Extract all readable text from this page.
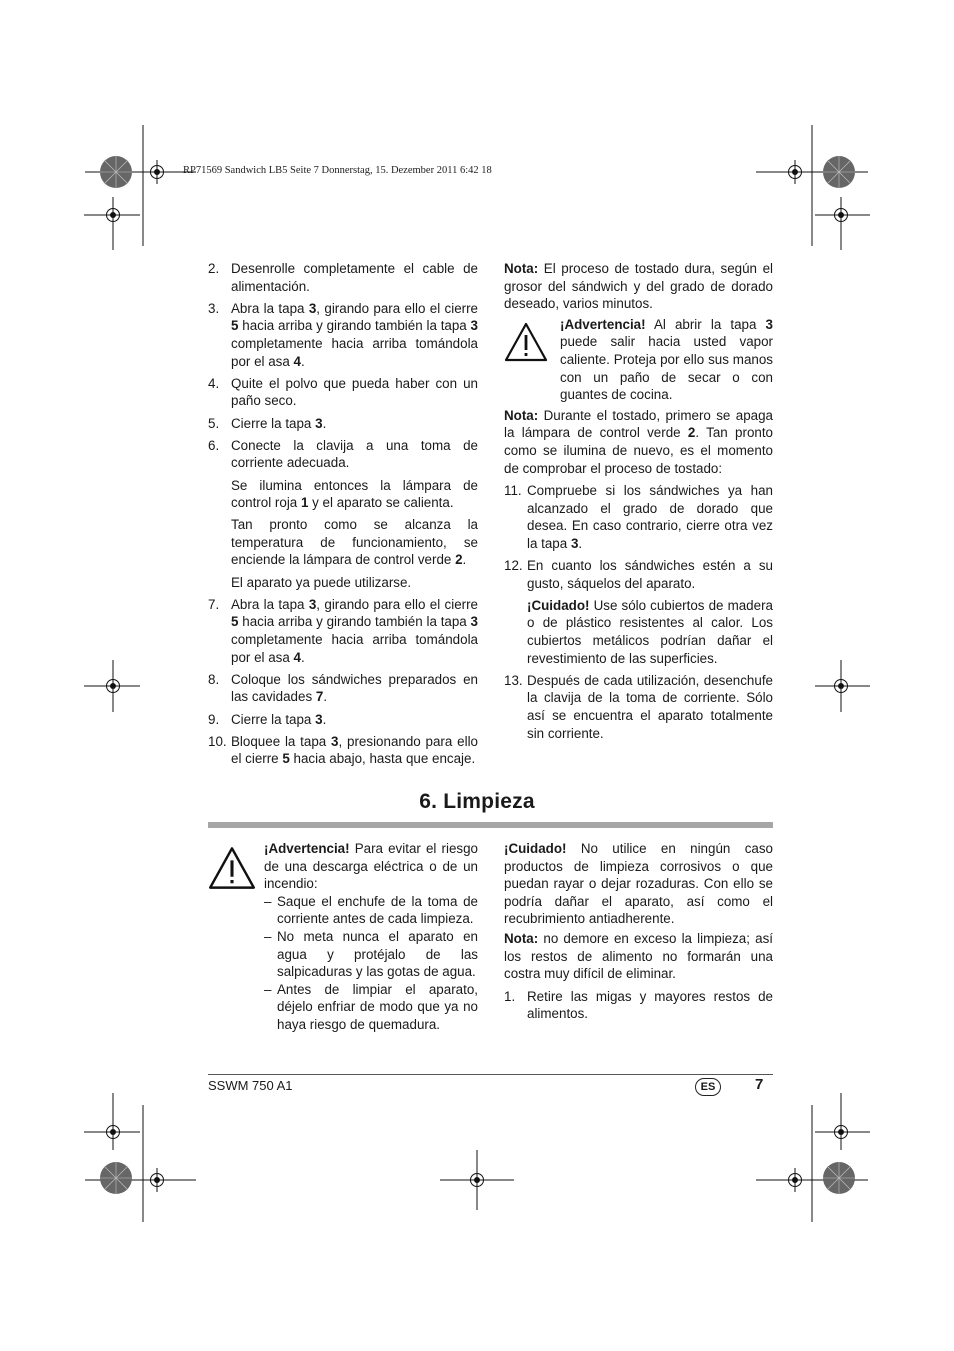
RP71569 Sandwich LB5 Seite 7 Donnerstag, 15. Dezember 2011 6:42 18
2. Desenrolle completamente el cable de alimentación.

3. Abra la tapa 3, girando para ello el cierre 5 hacia arriba y girando también la tapa 3 completamente hacia arriba tomándola por el asa 4.

4. Quite el polvo que pueda haber con un paño seco.

5. Cierre la tapa 3.

6. Conecte la clavija a una toma de corriente adecuada.

Se ilumina entonces la lámpara de control roja 1 y el aparato se calienta.

Tan pronto como se alcanza la temperatura de funcionamiento, se enciende la lámpara de control verde 2.

El aparato ya puede utilizarse.

7. Abra la tapa 3, girando para ello el cierre 5 hacia arriba y girando también la tapa 3 completamente hacia arriba tomándola por el asa 4.

8. Coloque los sándwiches preparados en las cavidades 7.

9. Cierre la tapa 3.

10. Bloquee la tapa 3, presionando para ello el cierre 5 hacia abajo, hasta que encaje.

Nota: El proceso de tostado dura, según el grosor del sándwich y del grado de dorado deseado, varios minutos.

¡Advertencia! Al abrir la tapa 3 puede salir hacia usted vapor caliente. Proteja por ello sus manos con un paño de secar o con guantes de cocina.

Nota: Durante el tostado, primero se apaga la lámpara de control verde 2. Tan pronto como se ilumina de nuevo, es el momento de comprobar el proceso de tostado:

11. Compruebe si los sándwiches ya han alcanzado el grado de dorado que desea. En caso contrario, cierre otra vez la tapa 3.

12. En cuanto los sándwiches estén a su gusto, sáquelos del aparato.

¡Cuidado! Use sólo cubiertos de madera o de plástico resistentes al calor. Los cubiertos metálicos podrían dañar el revestimiento de las superficies.

13. Después de cada utilización, desenchufe la clavija de la toma de corriente. Sólo así se encuentra el aparato totalmente sin corriente.

6. Limpieza

¡Advertencia! Para evitar el riesgo de una descarga eléctrica o de un incendio:

– Saque el enchufe de la toma de corriente antes de cada limpieza.
– No meta nunca el aparato en agua y protéjalo de las salpicaduras y las gotas de agua.
– Antes de limpiar el aparato, déjelo enfriar de modo que ya no haya riesgo de quemadura.

¡Cuidado! No utilice en ningún caso productos de limpieza corrosivos o que puedan rayar o dejar rozaduras. Con ello se podría dañar el aparato, así como el recubrimiento antiadherente.

Nota: no demore en exceso la limpieza; así los restos de alimento no formarán una costra muy difícil de eliminar.

1. Retire las migas y mayores restos de alimentos.

SSWM 750 A1	ES	7
